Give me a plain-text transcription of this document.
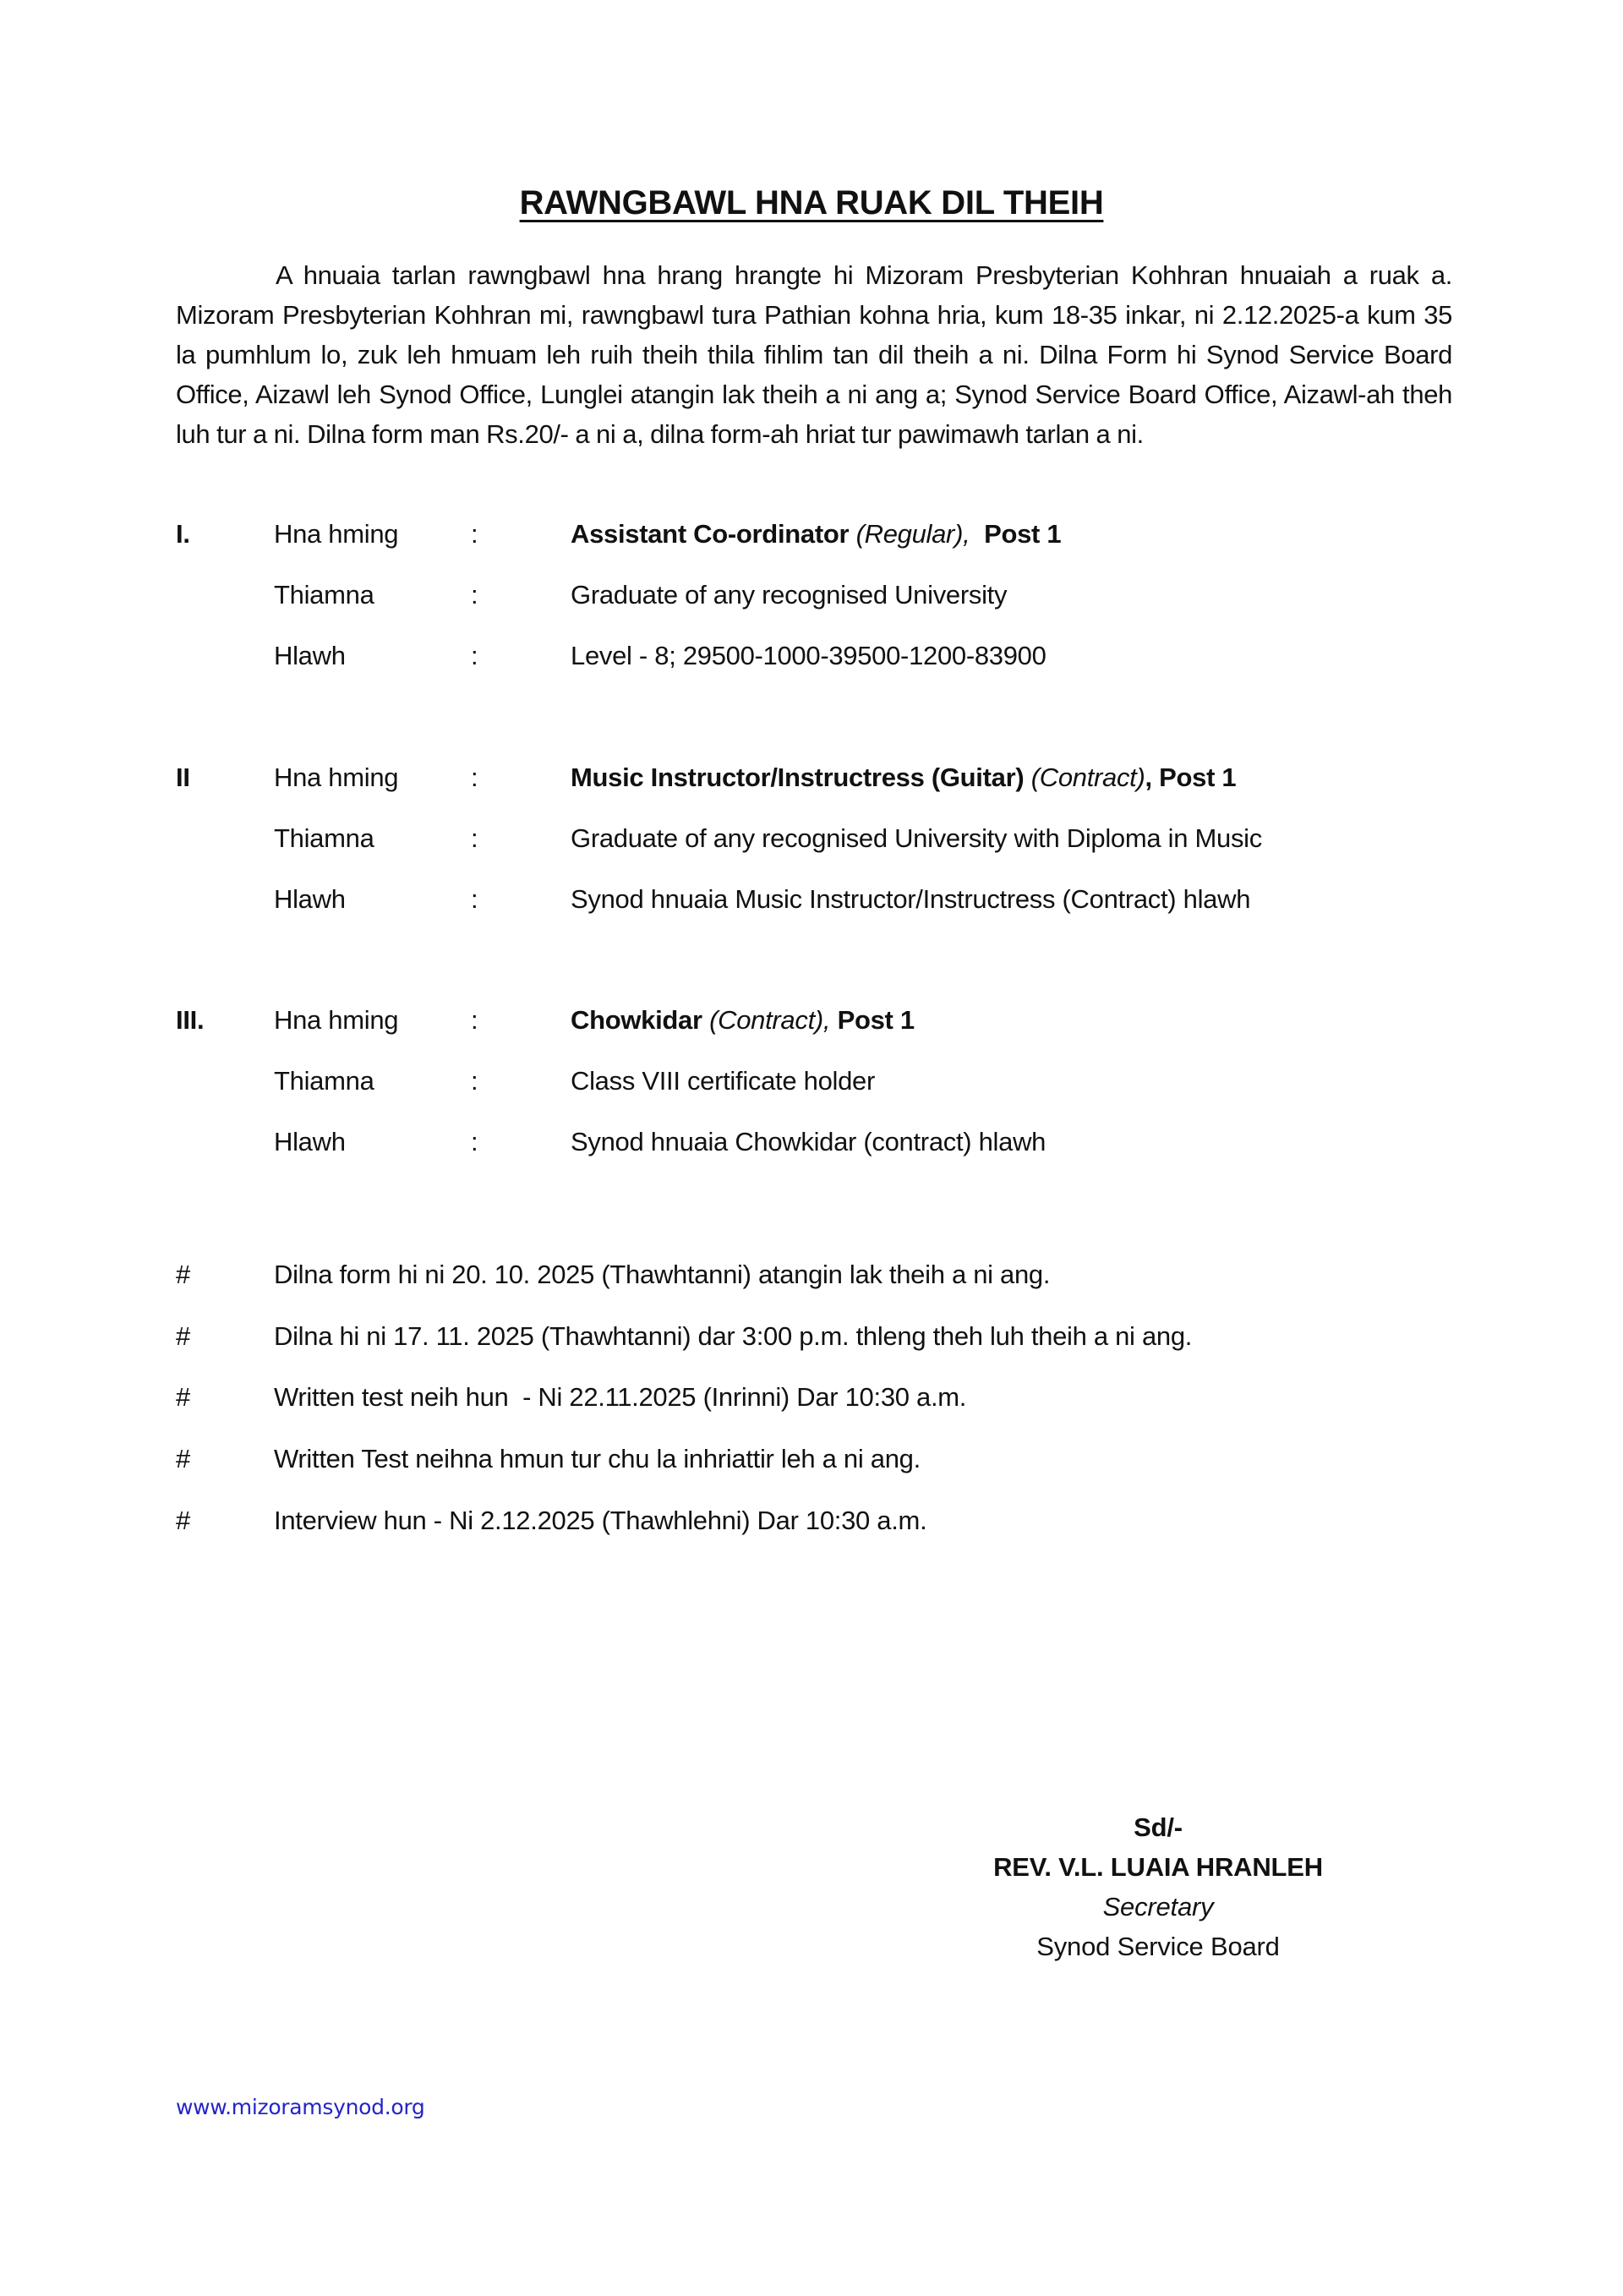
RAWNGBAWL HNA RUAK DIL THEIH
A hnuaia tarlan rawngbawl hna hrang hrangte hi Mizoram Presbyterian Kohhran hnuaiah a ruak a. Mizoram Presbyterian Kohhran mi, rawngbawl tura Pathian kohna hria, kum 18-35 inkar, ni 2.12.2025-a kum 35 la pumhlum lo, zuk leh hmuam leh ruih theih thila fihlim tan dil theih a ni. Dilna Form hi Synod Service Board Office, Aizawl leh Synod Office, Lunglei atangin lak theih a ni ang a; Synod Service Board Office, Aizawl-ah theh luh tur a ni. Dilna form man Rs.20/- a ni a, dilna form-ah hriat tur pawimawh tarlan a ni.
I.	Hna hming	:	Assistant Co-ordinator (Regular), Post 1
Thiamna	:	Graduate of any recognised University
Hlawh	:	Level - 8; 29500-1000-39500-1200-83900
II	Hna hming	:	Music Instructor/Instructress (Guitar) (Contract), Post 1
Thiamna	:	Graduate of any recognised University with Diploma in Music
Hlawh	:	Synod hnuaia Music Instructor/Instructress (Contract) hlawh
III.	Hna hming	:	Chowkidar (Contract), Post 1
Thiamna	:	Class VIII certificate holder
Hlawh	:	Synod hnuaia Chowkidar (contract) hlawh
#	Dilna form hi ni 20. 10. 2025 (Thawhtanni) atangin lak theih a ni ang.
#	Dilna hi ni 17. 11. 2025 (Thawhtanni) dar 3:00 p.m. thleng theh luh theih a ni ang.
#	Written test neih hun  - Ni 22.11.2025 (Inrinni) Dar 10:30 a.m.
#	Written Test neihna hmun tur chu la inhriattir leh a ni ang.
#	Interview hun - Ni 2.12.2025 (Thawhlehni) Dar 10:30 a.m.
Sd/-
REV. V.L. LUAIA HRANLEH
Secretary
Synod Service Board
www.mizoramsynod.org
